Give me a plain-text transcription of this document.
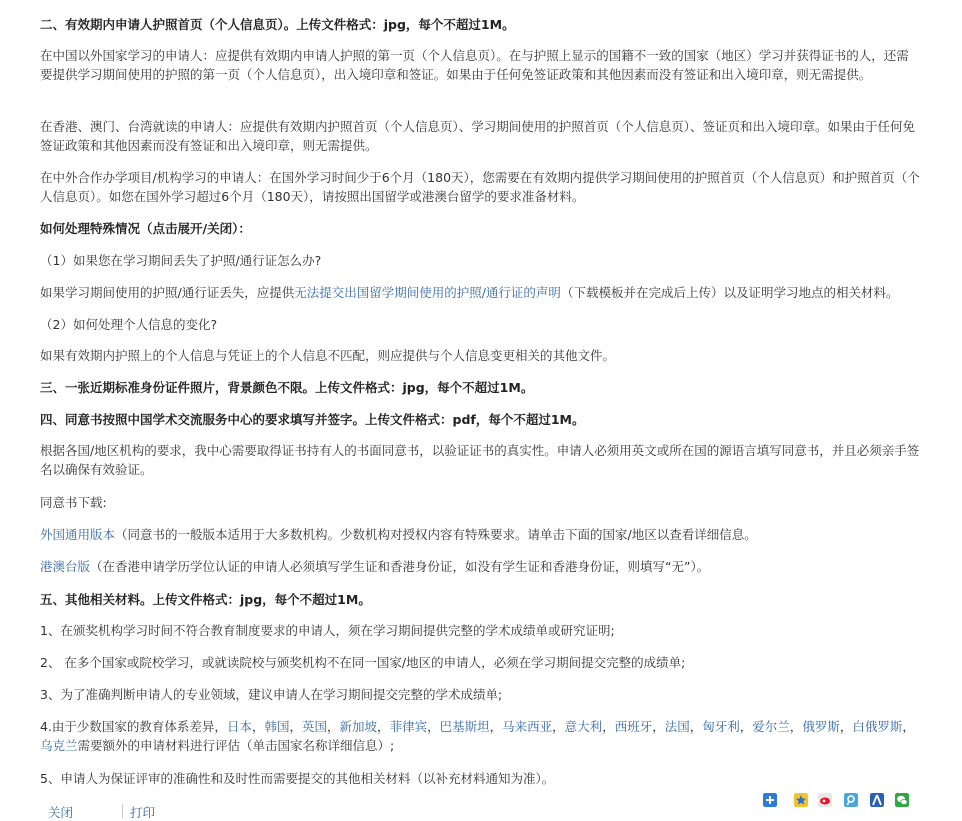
二、有效期内申请人护照首页（个人信息页）。上传文件格式：jpg，每个不超过1M。

在中国以外国家学习的申请人：应提供有效期内申请人护照的第一页（个人信息页）。在与护照上显示的国籍不一致的国家（地区）学习并获得证书的人，还需要提供学习期间使用的护照的第一页（个人信息页），出入境印章和签证。如果由于任何免签证政策和其他因素而没有签证和出入境印章，则无需提供。

在香港、澳门、台湾就读的申请人：应提供有效期内护照首页（个人信息页）、学习期间使用的护照首页（个人信息页）、签证页和出入境印章。如果由于任何免签证政策和其他因素而没有签证和出入境印章，则无需提供。

在中外合作办学项目/机构学习的申请人：在国外学习时间少于6个月（180天），您需要在有效期内提供学习期间使用的护照首页（个人信息页）和护照首页（个人信息页）。如您在国外学习超过6个月（180天），请按照出国留学或港澳台留学的要求准备材料。

如何处理特殊情况（点击展开/关闭）：

（1）如果您在学习期间丢失了护照/通行证怎么办?

如果学习期间使用的护照/通行证丢失，应提供无法提交出国留学期间使用的护照/通行证的声明（下载模板并在完成后上传）以及证明学习地点的相关材料。

（2）如何处理个人信息的变化?

如果有效期内护照上的个人信息与凭证上的个人信息不匹配，则应提供与个人信息变更相关的其他文件。

三、一张近期标准身份证件照片，背景颜色不限。上传文件格式：jpg，每个不超过1M。

四、同意书按照中国学术交流服务中心的要求填写并签字。上传文件格式：pdf，每个不超过1M。

根据各国/地区机构的要求，我中心需要取得证书持有人的书面同意书，以验证证书的真实性。申请人必须用英文或所在国的源语言填写同意书，并且必须亲手签名以确保有效验证。

同意书下载:

外国通用版本（同意书的一般版本适用于大多数机构。少数机构对授权内容有特殊要求。请单击下面的国家/地区以查看详细信息。

港澳台版（在香港申请学历学位认证的申请人必须填写学生证和香港身份证，如没有学生证和香港身份证，则填写“无”）。

五、其他相关材料。上传文件格式：jpg，每个不超过1M。

1、在颁奖机构学习时间不符合教育制度要求的申请人，须在学习期间提供完整的学术成绩单或研究证明;

2、 在多个国家或院校学习，或就读院校与颁奖机构不在同一国家/地区的申请人，必须在学习期间提交完整的成绩单;

3、为了准确判断申请人的专业领域，建议申请人在学习期间提交完整的学术成绩单;

4.由于少数国家的教育体系差异，日本，韩国，英国，新加坡，菲律宾，巴基斯坦，马来西亚，意大利，西班牙，法国，匈牙利，爱尔兰，俄罗斯，白俄罗斯，乌克兰需要额外的申请材料进行评估（单击国家名称详细信息）;

5、申请人为保证评审的准确性和及时性而需要提交的其他相关材料（以补充材料通知为准）。

关闭	打印
